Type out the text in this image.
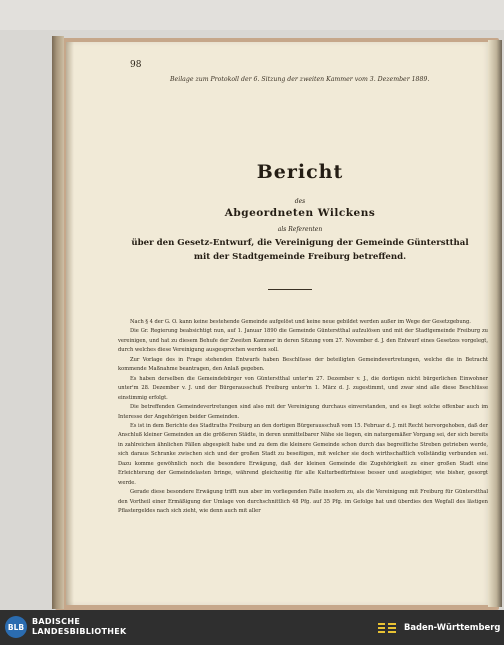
98
Beilage zum Protokoll der 6. Sitzung der zweiten Kammer vom 3. Dezember 1889.
Bericht
des
Abgeordneten Wilckens
als Referenten
über den Gesetz-Entwurf, die Vereinigung der Gemeinde Günterstthal
mit der Stadtgemeinde Freiburg betreffend.

Nach § 4 der G. O. kann keine bestehende Gemeinde aufgelöst und keine neue gebildet werden außer im Wege der Gesetzgebung.

Die Gr. Regierung beabsichtigt nun, auf 1. Januar 1890 die Gemeinde Günterstthal aufzulösen und mit der Stadtgemeinde Freiburg zu vereinigen, und hat zu diesem Behufe der Zweiten Kammer in deren Sitzung vom 27. November d. J. den Entwurf eines Gesetzes vorgelegt, durch welches diese Vereinigung ausgesprochen werden soll.

Zur Vorlage des in Frage stehenden Entwurfs haben Beschlüsse der beteiligten Gemeindevertretungen, welche die in Betracht kommende Maßnahme beantragen, den Anlaß gegeben.

Es haben derselben die Gemeindebürger von Günterstthal unter'm 27. Dezember v. J., die dortigen nicht bürgerlichen Einwohner unter'm 28. Dezember v. J. und der Bürgerausschuß Freiburg unter'm 1. März d. J. zugestimmt, und zwar sind alle diese Beschlüsse einstimmig erfolgt.

Die betreffenden Gemeindevertretungen sind also mit der Vereinigung durchaus einverstanden, und es liegt solche offenbar auch im Interesse der Angehörigen beider Gemeinden.

Es ist in dem Berichte des Stadtraths Freiburg an den dortigen Bürgerausschuß vom 15. Februar d. J. mit Recht hervorgehoben, daß der Anschluß kleiner Gemeinden an die größeren Städte, in deren unmittelbarer Nähe sie liegen, ein naturgemäßer Vorgang sei, der sich bereits in zahlreichen ähnlichen Fällen abgespielt habe und zu dem die kleinere Gemeinde schon durch das begreifliche Streben getrieben werde, sich daraus Schranke zwischen sich und der großen Stadt zu beseitigen, mit welcher sie doch wirthschaftlich vollständig verbunden sei. Dazu komme gewöhnlich noch die besondere Erwägung, daß der kleinen Gemeinde die Zugehörigkeit zu einer großen Stadt eine Erleichterung der Gemeindelasten bringe, während gleichzeitig für alle Kulturbedürfnisse besser und ausgiebiger, wie bisher, gesorgt werde.

Gerade diese besondere Erwägung trifft nun aber im vorliegenden Falle insofern zu, als die Vereinigung mit Freiburg für Günterstthal den Vortheil einer Ermäßigung der Umlage von durchschnittlich 48 Pfg. auf 35 Pfg. im Gefolge hat und überdies den Wegfall des lästigen Pflastergeldes nach sich zieht, wie denn auch mit aller

BLB
BADISCHE
LANDESBIBLIOTHEK	Baden-Württemberg
